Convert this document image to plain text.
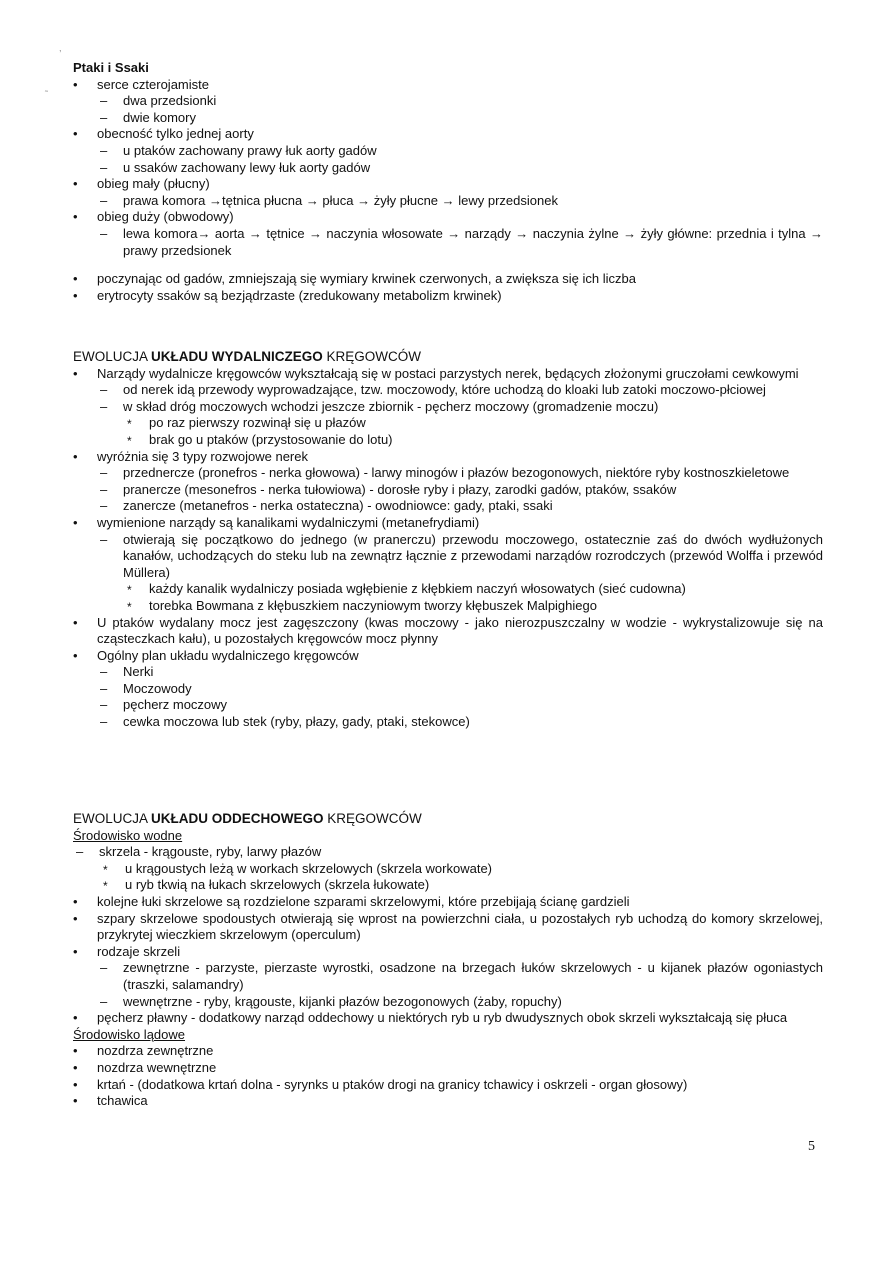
,
˜
Ptaki i Ssaki
• serce czterojamiste
– dwa przedsionki
– dwie komory
• obecność tylko jednej aorty
– u ptaków zachowany prawy łuk aorty gadów
– u ssaków zachowany lewy łuk aorty gadów
• obieg mały (płucny)
– prawa komora →tętnica płucna → płuca → żyły płucne → lewy przedsionek
• obieg duży (obwodowy)
– lewa komora→ aorta → tętnice → naczynia włosowate → narządy → naczynia żylne → żyły główne: przednia i tylna → prawy przedsionek
• poczynając od gadów, zmniejszają się wymiary krwinek czerwonych, a zwiększa się ich liczba
• erytrocyty ssaków są bezjądrzaste (zredukowany metabolizm krwinek)
EWOLUCJA UKŁADU WYDALNICZEGO KRĘGOWCÓW
• Narządy wydalnicze kręgowców wykształcają się w postaci parzystych nerek, będących złożonymi gruczołami cewkowymi
– od nerek idą przewody wyprowadzające, tzw. moczowody, które uchodzą do kloaki lub zatoki moczowo-płciowej
– w skład dróg moczowych wchodzi jeszcze zbiornik - pęcherz moczowy (gromadzenie moczu)
* po raz pierwszy rozwinął się u płazów
* brak go u ptaków (przystosowanie do lotu)
• wyróżnia się 3 typy rozwojowe nerek
– przednercze (pronefros - nerka głowowa) - larwy minogów i płazów bezogonowych, niektóre ryby kostnoszkieletowe
– pranercze (mesonefros - nerka tułowiowa) - dorosłe ryby i płazy, zarodki gadów, ptaków, ssaków
– zanercze (metanefros - nerka ostateczna) - owodniowce: gady, ptaki, ssaki
• wymienione narządy są kanalikami wydalniczymi (metanefrydiami)
– otwierają się początkowo do jednego (w pranerczu) przewodu moczowego, ostatecznie zaś do dwóch wydłużonych kanałów, uchodzących do steku lub na zewnątrz łącznie z przewodami narządów rozrodczych (przewód Wolffa i przewód Müllera)
* każdy kanalik wydalniczy posiada wgłębienie z kłębkiem naczyń włosowatych (sieć cudowna)
* torebka Bowmana z kłębuszkiem naczyniowym tworzy kłębuszek Malpighiego
• U ptaków wydalany mocz jest zagęszczony (kwas moczowy - jako nierozpuszczalny w wodzie - wykrystalizowuje się na cząsteczkach kału), u pozostałych kręgowców mocz płynny
• Ogólny plan układu wydalniczego kręgowców
– Nerki
– Moczowody
– pęcherz moczowy
– cewka moczowa lub stek (ryby, płazy, gady, ptaki, stekowce)
EWOLUCJA UKŁADU ODDECHOWEGO KRĘGOWCÓW
Środowisko wodne
– skrzela - krągouste, ryby, larwy płazów
* u krągoustych leżą w workach skrzelowych (skrzela workowate)
* u ryb tkwią na łukach skrzelowych (skrzela łukowate)
• kolejne łuki skrzelowe są rozdzielone szparami skrzelowymi, które przebijają ścianę gardzieli
• szpary skrzelowe spodoustych otwierają się wprost na powierzchni ciała, u pozostałych ryb uchodzą do komory skrzelowej, przykrytej wieczkiem skrzelowym (operculum)
• rodzaje skrzeli
– zewnętrzne - parzyste, pierzaste wyrostki, osadzone na brzegach łuków skrzelowych - u kijanek płazów ogoniastych (traszki, salamandry)
– wewnętrzne - ryby, krągouste, kijanki płazów bezogonowych (żaby, ropuchy)
• pęcherz pławny - dodatkowy narząd oddechowy u niektórych ryb u ryb dwudysznych obok skrzeli wykształcają się płuca
Środowisko lądowe
• nozdrza zewnętrzne
• nozdrza wewnętrzne
• krtań - (dodatkowa krtań dolna - syrynks u ptaków drogi na granicy tchawicy i oskrzeli - organ głosowy)
• tchawica
5
